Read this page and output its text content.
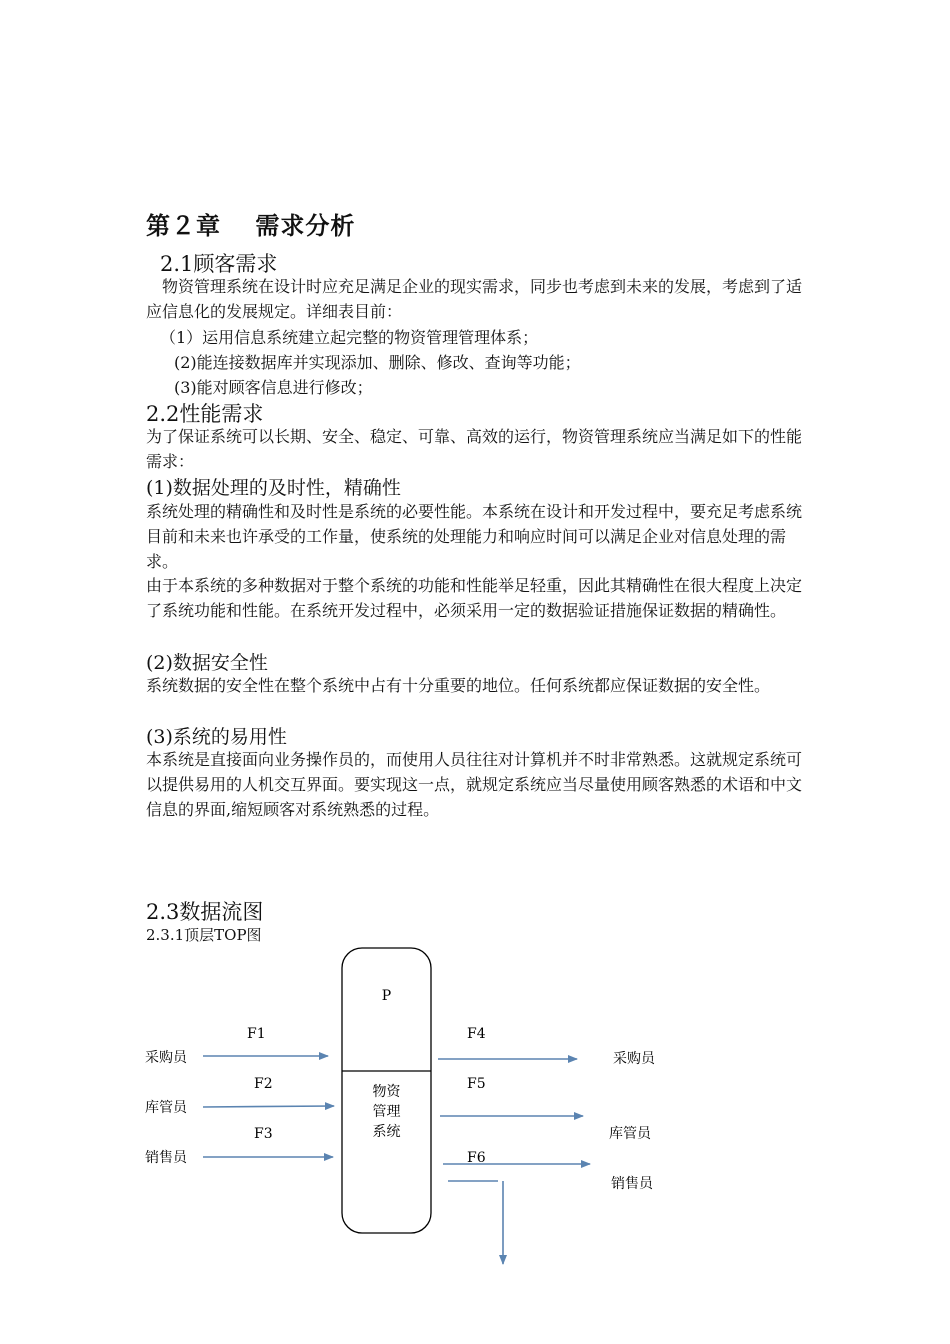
第２章　 需求分析
2.1顾客需求
物资管理系统在设计时应充足满足企业的现实需求，同步也考虑到未来的发展，考虑到了适应信息化的发展规定。详细表目前：
（1）运用信息系统建立起完整的物资管理管理体系；
(2)能连接数据库并实现添加、删除、修改、查询等功能；
(3)能对顾客信息进行修改；
2.2性能需求
为了保证系统可以长期、安全、稳定、可靠、高效的运行，物资管理系统应当满足如下的性能需求：
(1)数据处理的及时性，精确性
系统处理的精确性和及时性是系统的必要性能。本系统在设计和开发过程中，要充足考虑系统目前和未来也许承受的工作量，使系统的处理能力和响应时间可以满足企业对信息处理的需求。
由于本系统的多种数据对于整个系统的功能和性能举足轻重，因此其精确性在很大程度上决定了系统功能和性能。在系统开发过程中，必须采用一定的数据验证措施保证数据的精确性。
(2)数据安全性
系统数据的安全性在整个系统中占有十分重要的地位。任何系统都应保证数据的安全性。
(3)系统的易用性
本系统是直接面向业务操作员的，而使用人员往往对计算机并不时非常熟悉。这就规定系统可以提供易用的人机交互界面。要实现这一点，就规定系统应当尽量使用顾客熟悉的术语和中文信息的界面,缩短顾客对系统熟悉的过程。
2.3数据流图
2.3.1顶层TOP图
P
物资
管理
系统
采购员
库管员
销售员
F1
F2
F3
F4
F5
F6
采购员
库管员
销售员
